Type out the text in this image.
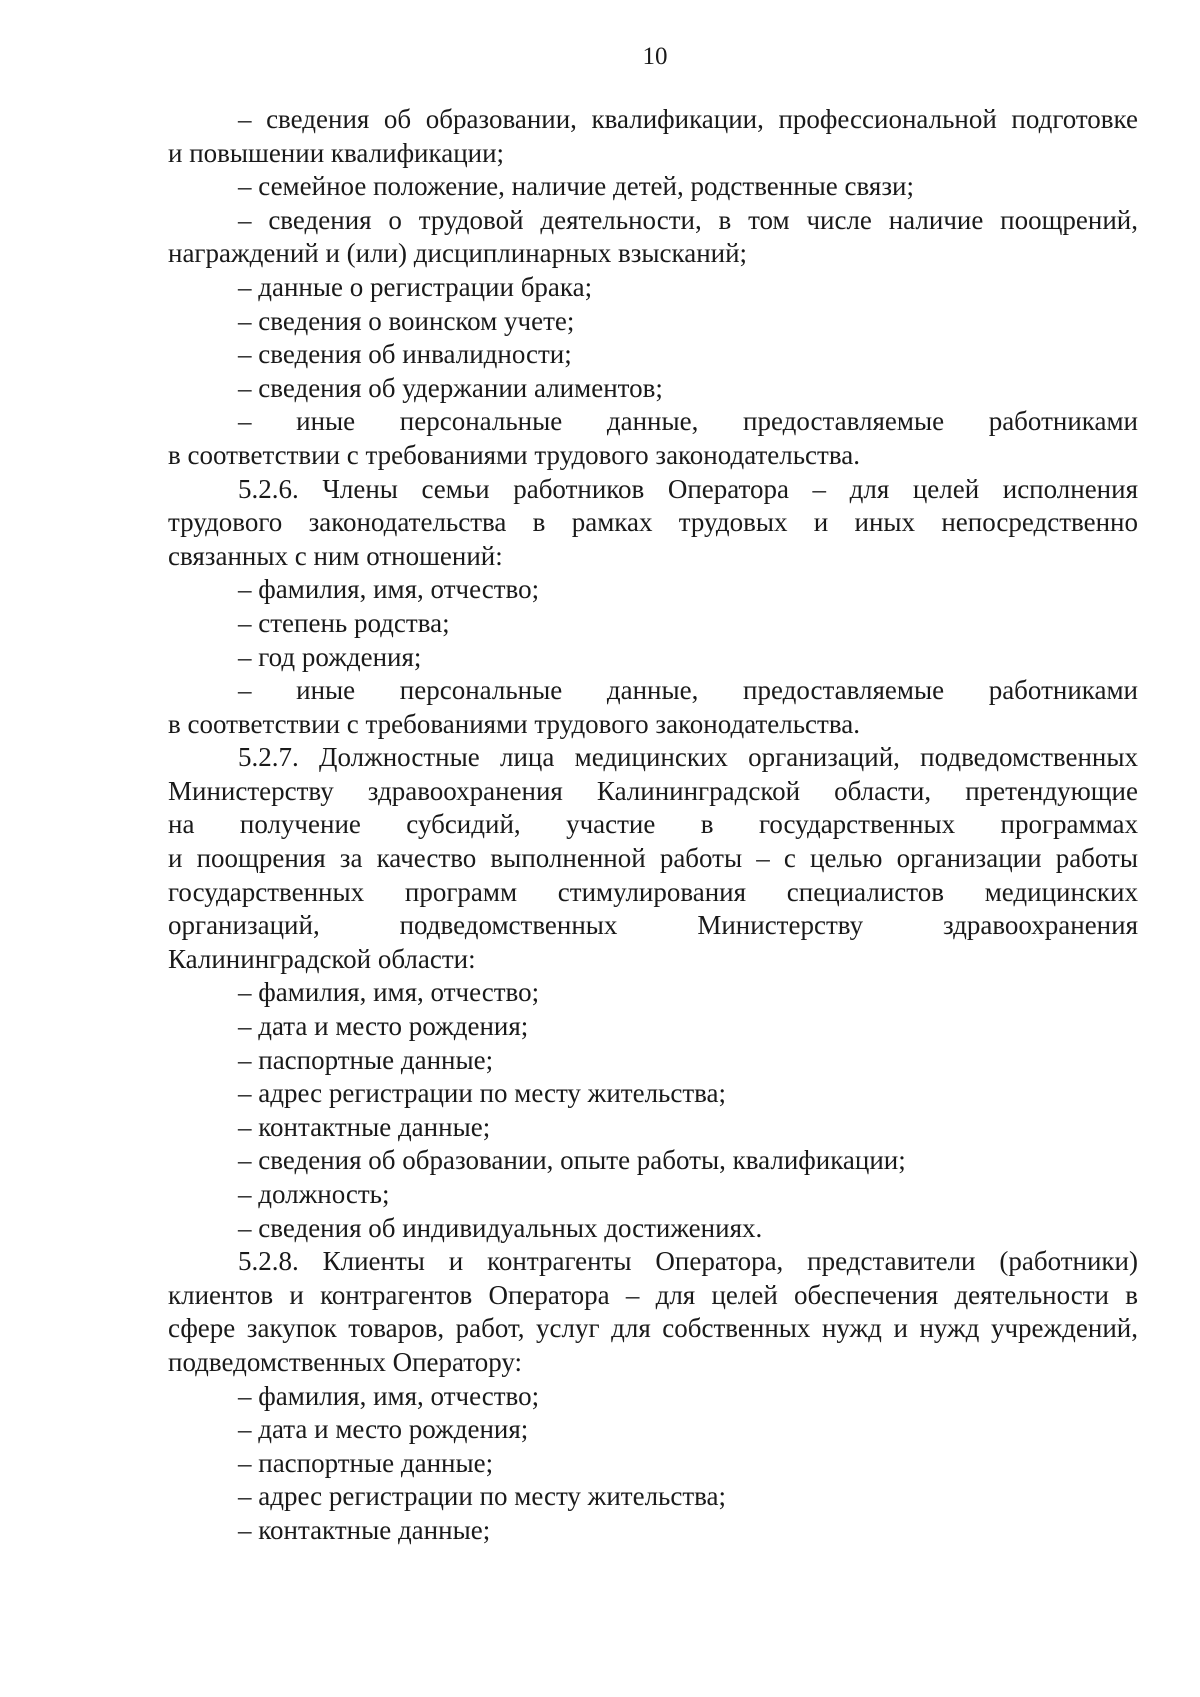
10
– сведения об образовании, квалификации, профессиональной подготовке
и повышении квалификации;
– семейное положение, наличие детей, родственные связи;
– сведения о трудовой деятельности, в том числе наличие поощрений,
награждений и (или) дисциплинарных взысканий;
– данные о регистрации брака;
– сведения о воинском учете;
– сведения об инвалидности;
– сведения об удержании алиментов;
– иные персональные данные, предоставляемые работниками
в соответствии с требованиями трудового законодательства.
5.2.6. Члены семьи работников Оператора – для целей исполнения
трудового законодательства в рамках трудовых и иных непосредственно
связанных с ним отношений:
– фамилия, имя, отчество;
– степень родства;
– год рождения;
– иные персональные данные, предоставляемые работниками
в соответствии с требованиями трудового законодательства.
5.2.7. Должностные лица медицинских организаций, подведомственных
Министерству здравоохранения Калининградской области, претендующие
на получение субсидий, участие в государственных программах
и поощрения за качество выполненной работы – с целью организации работы
государственных программ стимулирования специалистов медицинских
организаций, подведомственных Министерству здравоохранения
Калининградской области:
– фамилия, имя, отчество;
– дата и место рождения;
– паспортные данные;
– адрес регистрации по месту жительства;
– контактные данные;
– сведения об образовании, опыте работы, квалификации;
– должность;
– сведения об индивидуальных достижениях.
5.2.8. Клиенты и контрагенты Оператора, представители (работники)
клиентов и контрагентов Оператора – для целей обеспечения деятельности в
сфере закупок товаров, работ, услуг для собственных нужд и нужд учреждений,
подведомственных Оператору:
– фамилия, имя, отчество;
– дата и место рождения;
– паспортные данные;
– адрес регистрации по месту жительства;
– контактные данные;
